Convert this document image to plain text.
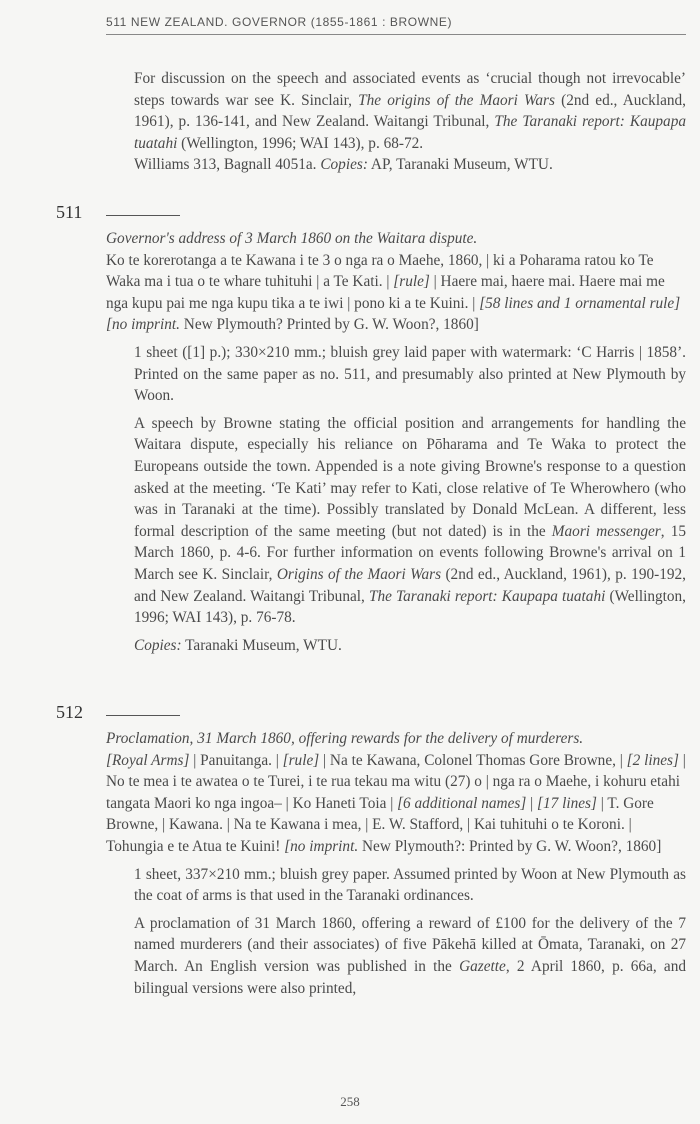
511 NEW ZEALAND. GOVERNOR (1855-1861 : BROWNE)

For discussion on the speech and associated events as ‘crucial though not irrevocable’ steps towards war see K. Sinclair, The origins of the Maori Wars (2nd ed., Auckland, 1961), p. 136-141, and New Zealand. Waitangi Tribunal, The Taranaki report: Kaupapa tuatahi (Wellington, 1996; WAI 143), p. 68-72.

Williams 313, Bagnall 4051a. Copies: AP, Taranaki Museum, WTU.

511

Governor's address of 3 March 1860 on the Waitara dispute.

Ko te korerotanga a te Kawana i te 3 o nga ra o Maehe, 1860, | ki a Poharama ratou ko Te Waka ma i tua o te whare tuhituhi | a Te Kati. | [rule] | Haere mai, haere mai. Haere mai me nga kupu pai me nga kupu tika a te iwi | pono ki a te Kuini. | [58 lines and 1 ornamental rule]

[no imprint. New Plymouth? Printed by G. W. Woon?, 1860]

1 sheet ([1] p.); 330×210 mm.; bluish grey laid paper with watermark: ‘C Harris | 1858’. Printed on the same paper as no. 511, and presumably also printed at New Plymouth by Woon.

A speech by Browne stating the official position and arrangements for handling the Waitara dispute, especially his reliance on Pōharama and Te Waka to protect the Europeans outside the town. Appended is a note giving Browne's response to a question asked at the meeting. ‘Te Kati’ may refer to Kati, close relative of Te Wherowhero (who was in Taranaki at the time). Possibly translated by Donald McLean. A different, less formal description of the same meeting (but not dated) is in the Maori messenger, 15 March 1860, p. 4-6. For further information on events following Browne's arrival on 1 March see K. Sinclair, Origins of the Maori Wars (2nd ed., Auckland, 1961), p. 190-192, and New Zealand. Waitangi Tribunal, The Taranaki report: Kaupapa tuatahi (Wellington, 1996; WAI 143), p. 76-78.

Copies: Taranaki Museum, WTU.

512

Proclamation, 31 March 1860, offering rewards for the delivery of murderers.

[Royal Arms] | Panuitanga. | [rule] | Na te Kawana, Colonel Thomas Gore Browne, | [2 lines] | No te mea i te awatea o te Turei, i te rua tekau ma witu (27) o | nga ra o Maehe, i kohuru etahi tangata Maori ko nga ingoa– | Ko Haneti Toia | [6 additional names] | [17 lines] | T. Gore Browne, | Kawana. | Na te Kawana i mea, | E. W. Stafford, | Kai tuhituhi o te Koroni. | Tohungia e te Atua te Kuini! [no imprint. New Plymouth?: Printed by G. W. Woon?, 1860]

1 sheet, 337×210 mm.; bluish grey paper. Assumed printed by Woon at New Plymouth as the coat of arms is that used in the Taranaki ordinances.

A proclamation of 31 March 1860, offering a reward of £100 for the delivery of the 7 named murderers (and their associates) of five Pākehā killed at Ōmata, Taranaki, on 27 March. An English version was published in the Gazette, 2 April 1860, p. 66a, and bilingual versions were also printed,

258
